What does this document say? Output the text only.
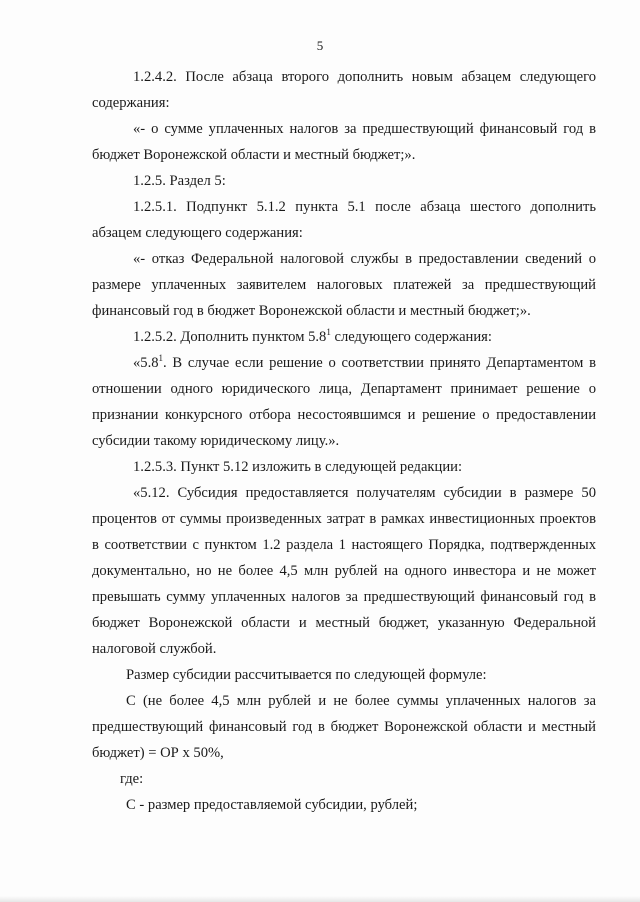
5

1.2.4.2. После абзаца второго дополнить новым абзацем следующего содержания:

«- о сумме уплаченных налогов за предшествующий финансовый год в бюджет Воронежской области и местный бюджет;».

1.2.5. Раздел 5:

1.2.5.1. Подпункт 5.1.2 пункта 5.1 после абзаца шестого дополнить абзацем следующего содержания:

«- отказ Федеральной налоговой службы в предоставлении сведений о размере уплаченных заявителем налоговых платежей за предшествующий финансовый год в бюджет Воронежской области и местный бюджет;».

1.2.5.2. Дополнить пунктом $5.8^1$ следующего содержания:

«$5.8^1$. В случае если решение о соответствии принято Департаментом в отношении одного юридического лица, Департамент принимает решение о признании конкурсного отбора несостоявшимся и решение о предоставлении субсидии такому юридическому лицу.».

1.2.5.3. Пункт 5.12 изложить в следующей редакции:

«5.12. Субсидия предоставляется получателям субсидии в размере 50 процентов от суммы произведенных затрат в рамках инвестиционных проектов в соответствии с пунктом 1.2 раздела 1 настоящего Порядка, подтвержденных документально, но не более 4,5 млн рублей на одного инвестора и не может превышать сумму уплаченных налогов за предшествующий финансовый год в бюджет Воронежской области и местный бюджет, указанную Федеральной налоговой службой.

Размер субсидии рассчитывается по следующей формуле:

С (не более 4,5 млн рублей и не более суммы уплаченных налогов за предшествующий финансовый год в бюджет Воронежской области и местный бюджет) = ОР х 50%,

где:

С - размер предоставляемой субсидии, рублей;
